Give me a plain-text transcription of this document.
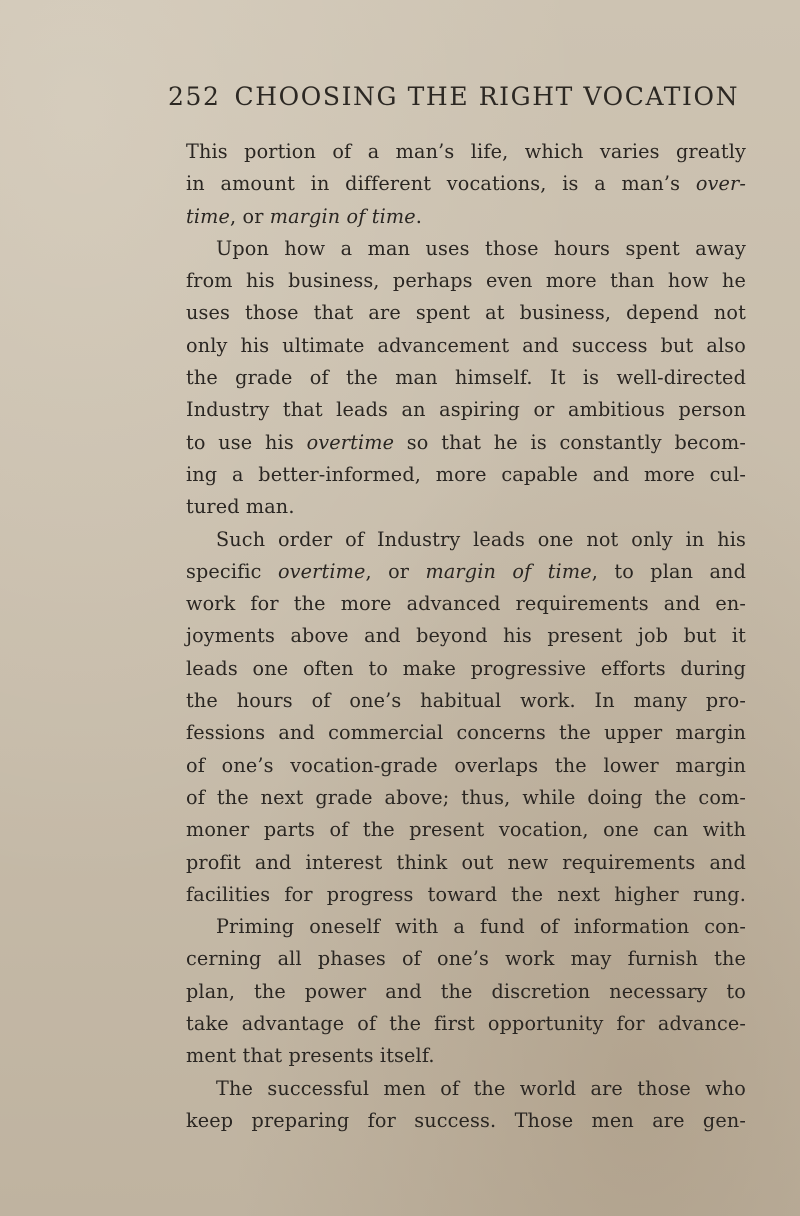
252 CHOOSING THE RIGHT VOCATION
This portion of a man’s life, which varies greatly
in amount in different vocations, is a man’s over-
time, or margin of time.
Upon how a man uses those hours spent away
from his business, perhaps even more than how he
uses those that are spent at business, depend not
only his ultimate advancement and success but also
the grade of the man himself. It is well-directed
Industry that leads an aspiring or ambitious person
to use his overtime so that he is constantly becom-
ing a better-informed, more capable and more cul-
tured man.
Such order of Industry leads one not only in his
specific overtime, or margin of time, to plan and
work for the more advanced requirements and en-
joyments above and beyond his present job but it
leads one often to make progressive efforts during
the hours of one’s habitual work. In many pro-
fessions and commercial concerns the upper margin
of one’s vocation-grade overlaps the lower margin
of the next grade above; thus, while doing the com-
moner parts of the present vocation, one can with
profit and interest think out new requirements and
facilities for progress toward the next higher rung.
Priming oneself with a fund of information con-
cerning all phases of one’s work may furnish the
plan, the power and the discretion necessary to
take advantage of the first opportunity for advance-
ment that presents itself.
The successful men of the world are those who
keep preparing for success. Those men are gen-
